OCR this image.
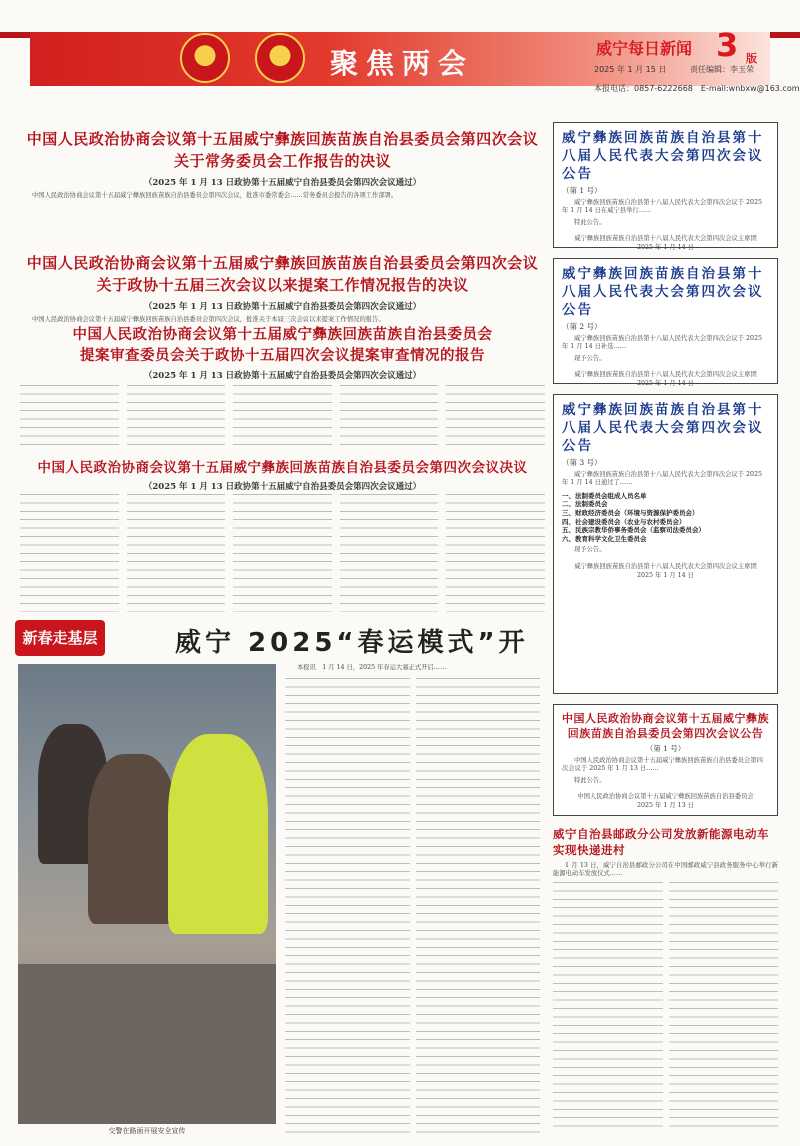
聚焦两会	威宁每日新闻 3 版
2025 年 1 月 15 日	责任编辑：李玉荣
本报电话：0857-6222668　E-mail:wnbxw@163.com
中国人民政治协商会议第十五届威宁彝族回族苗族自治县委员会第四次会议
关于常务委员会工作报告的决议
（2025 年 1 月 13 日政协第十五届威宁自治县委员会第四次会议通过）
中国人民政治协商会议第十五届威宁彝族回族苗族自治县委员会第四次会议，批准市委常委会……常务委员会报告的各项工作部署。
中国人民政治协商会议第十五届威宁彝族回族苗族自治县委员会第四次会议
关于政协十五届三次会议以来提案工作情况报告的决议
（2025 年 1 月 13 日政协第十五届威宁自治县委员会第四次会议通过）
中国人民政治协商会议第十五届威宁彝族回族苗族自治县委员会第四次会议，批准关于本届三次会议以来提案工作情况的报告。
中国人民政治协商会议第十五届威宁彝族回族苗族自治县委员会
提案审查委员会关于政协十五届四次会议提案审查情况的报告
（2025 年 1 月 13 日政协第十五届威宁自治县委员会第四次会议通过）
中国人民政治协商会议第十五届威宁彝族回族苗族自治县委员会第四次会议决议
（2025 年 1 月 13 日政协第十五届威宁自治县委员会第四次会议通过）
威宁彝族回族苗族自治县第十八届人民代表大会第四次会议公告
（第 1 号）
威宁彝族回族苗族自治县第十八届人民代表大会第四次会议于 2025 年 1 月 14 日在威宁县举行……
特此公告。
威宁彝族回族苗族自治县第十八届人民代表大会第四次会议主席团
2025 年 1 月 14 日
威宁彝族回族苗族自治县第十八届人民代表大会第四次会议公告
（第 2 号）
威宁彝族回族苗族自治县第十八届人民代表大会第四次会议于 2025 年 1 月 14 日补选……
现予公告。
威宁彝族回族苗族自治县第十八届人民代表大会第四次会议主席团
2025 年 1 月 14 日
威宁彝族回族苗族自治县第十八届人民代表大会第四次会议公告
（第 3 号）
威宁彝族回族苗族自治县第十八届人民代表大会第四次会议于 2025 年 1 月 14 日通过了……
一、法制委员会组成人员名单
二、法制委员会
三、财政经济委员会（环境与资源保护委员会）
四、社会建设委员会（农业与农村委员会）
五、民族宗教华侨事务委员会（监察司法委员会）
六、教育科学文化卫生委员会
现予公告。
威宁彝族回族苗族自治县第十八届人民代表大会第四次会议主席团
2025 年 1 月 14 日
中国人民政治协商会议第十五届威宁彝族回族苗族自治县委员会第四次会议公告
（第 1 号）
中国人民政治协商会议第十五届威宁彝族回族苗族自治县委员会第四次会议于 2025 年 1 月 13 日……
特此公告。
中国人民政治协商会议第十五届威宁彝族回族苗族自治县委员会
2025 年 1 月 13 日
威宁自治县邮政分公司发放新能源电动车实现快递进村
1 月 13 日，威宁自治县邮政分公司在中国邮政威宁县政务服务中心举行新能源电动车发放仪式……
新春走基层	威宁 2025“春运模式”开
交警在路面开展安全宣传
本报讯　1 月 14 日，2025 年春运大幕正式开启……
